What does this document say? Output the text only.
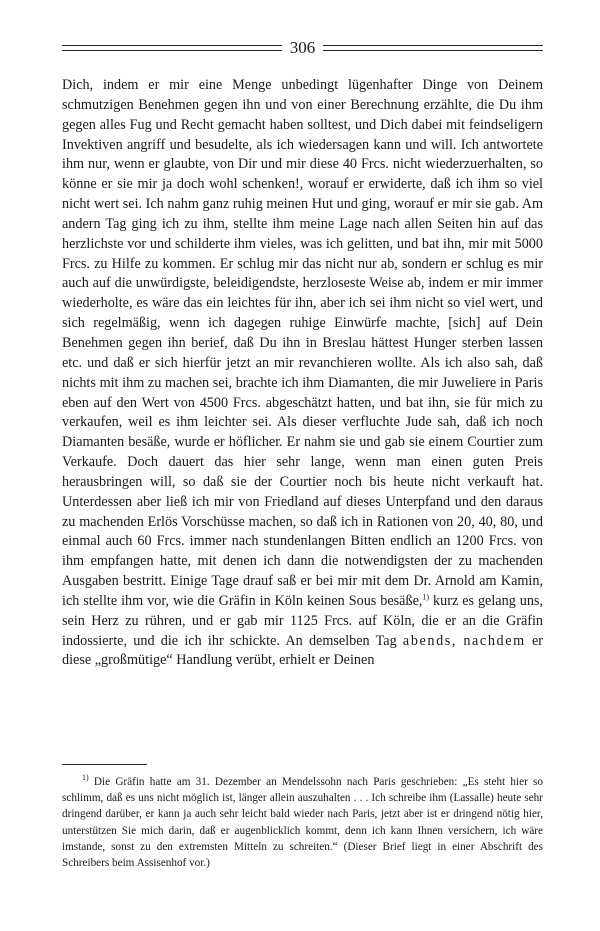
306

Dich, indem er mir eine Menge unbedingt lügenhafter Dinge von Deinem schmutzigen Benehmen gegen ihn und von einer Berechnung erzählte, die Du ihm gegen alles Fug und Recht gemacht haben solltest, und Dich dabei mit feindseligern Invektiven angriff und besudelte, als ich wiedersagen kann und will. Ich antwortete ihm nur, wenn er glaubte, von Dir und mir diese 40 Frcs. nicht wiederzuerhalten, so könne er sie mir ja doch wohl schenken!, worauf er erwiderte, daß ich ihm so viel nicht wert sei. Ich nahm ganz ruhig meinen Hut und ging, worauf er mir sie gab. Am andern Tag ging ich zu ihm, stellte ihm meine Lage nach allen Seiten hin auf das herzlichste vor und schilderte ihm vieles, was ich gelitten, und bat ihn, mir mit 5000 Frcs. zu Hilfe zu kommen. Er schlug mir das nicht nur ab, sondern er schlug es mir auch auf die unwürdigste, beleidigendste, herzloseste Weise ab, indem er mir immer wiederholte, es wäre das ein leichtes für ihn, aber ich sei ihm nicht so viel wert, und sich regelmäßig, wenn ich dagegen ruhige Einwürfe machte, [sich] auf Dein Benehmen gegen ihn berief, daß Du ihn in Breslau hättest Hunger sterben lassen etc. und daß er sich hierfür jetzt an mir revanchieren wollte. Als ich also sah, daß nichts mit ihm zu machen sei, brachte ich ihm Diamanten, die mir Juweliere in Paris eben auf den Wert von 4500 Frcs. abgeschätzt hatten, und bat ihn, sie für mich zu verkaufen, weil es ihm leichter sei. Als dieser verfluchte Jude sah, daß ich noch Diamanten besäße, wurde er höflicher. Er nahm sie und gab sie einem Courtier zum Verkaufe. Doch dauert das hier sehr lange, wenn man einen guten Preis herausbringen will, so daß sie der Courtier noch bis heute nicht verkauft hat. Unterdessen aber ließ ich mir von Friedland auf dieses Unterpfand und den daraus zu machenden Erlös Vorschüsse machen, so daß ich in Rationen von 20, 40, 80, und einmal auch 60 Frcs. immer nach stundenlangen Bitten endlich an 1200 Frcs. von ihm empfangen hatte, mit denen ich dann die notwendigsten der zu machenden Ausgaben bestritt. Einige Tage drauf saß er bei mir mit dem Dr. Arnold am Kamin, ich stellte ihm vor, wie die Gräfin in Köln keinen Sous besäße,$^{1)}$ kurz es gelang uns, sein Herz zu rühren, und er gab mir 1125 Frcs. auf Köln, die er an die Gräfin indossierte, und die ich ihr schickte. An demselben Tag abends, nachdem er diese „großmütige“ Handlung verübt, erhielt er Deinen

$^{1)}$ Die Gräfin hatte am 31. Dezember an Mendelssohn nach Paris geschrieben: „Es steht hier so schlimm, daß es uns nicht möglich ist, länger allein auszuhalten . . . Ich schreibe ihm (Lassalle) heute sehr dringend darüber, er kann ja auch sehr leicht bald wieder nach Paris, jetzt aber ist er dringend nötig hier, unterstützen Sie mich darin, daß er augenblicklich kommt, denn ich kann Ihnen versichern, ich wäre imstande, sonst zu den extremsten Mitteln zu schreiten.“ (Dieser Brief liegt in einer Abschrift des Schreibers beim Assisenhof vor.)
